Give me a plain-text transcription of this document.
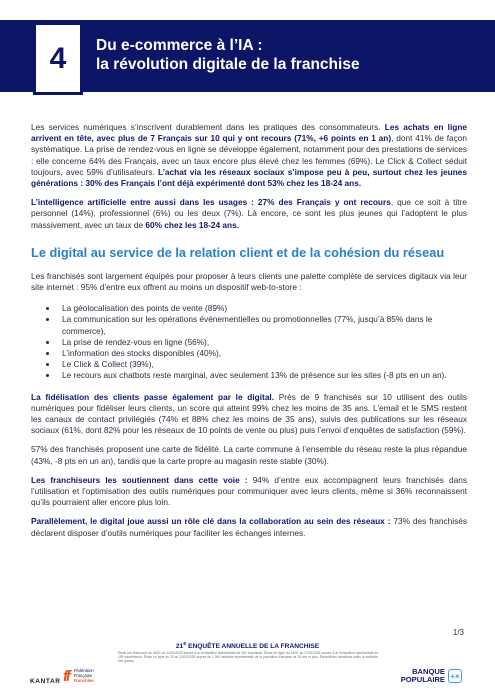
4 Du e-commerce à l’IA :
la révolution digitale de la franchise

Les services numériques s’inscrivent durablement dans les pratiques des consommateurs. Les achats en ligne arrivent en tête, avec plus de 7 Français sur 10 qui y ont recours (71%, +6 points en 1 an), dont 41% de façon systématique. La prise de rendez-vous en ligne se développe également, notamment pour des prestations de services : elle concerne 64% des Français, avec un taux encore plus élevé chez les femmes (69%). Le Click & Collect séduit toujours, avec 59% d’utilisateurs. L’achat via les réseaux sociaux s’impose peu à peu, surtout chez les jeunes générations : 30% des Français l’ont déjà expérimenté dont 53% chez les 18-24 ans.

L’intelligence artificielle entre aussi dans les usages : 27% des Français y ont recours, que ce soit à titre personnel (14%), professionnel (6%) ou les deux (7%). Là encore, ce sont les plus jeunes qui l’adoptent le plus massivement, avec un taux de 60% chez les 18-24 ans.

Le digital au service de la relation client et de la cohésion du réseau

Les franchisés sont largement équipés pour proposer à leurs clients une palette complète de services digitaux via leur site internet : 95% d’entre eux offrent au moins un dispositif web-to-store :

La géolocalisation des points de vente (89%)
La communication sur les opérations événementielles ou promotionnelles (77%, jusqu’à 85% dans le commerce),
La prise de rendez-vous en ligne (56%),
L’information des stocks disponibles (40%),
Le Click & Collect (39%),
Le recours aux chatbots reste marginal, avec seulement 13% de présence sur les sites (-8 pts en un an).

La fidélisation des clients passe également par le digital. Près de 9 franchisés sur 10 utilisent des outils numériques pour fidéliser leurs clients, un score qui atteint 99% chez les moins de 35 ans. L’email et le SMS restent les canaux de contact privilégiés (74% et 88% chez les moins de 35 ans), suivis des publications sur les réseaux sociaux (61%, dont 82% pour les réseaux de 10 points de vente ou plus) puis l’envoi d’enquêtes de satisfaction (59%).

57% des franchisés proposent une carte de fidélité. La carte commune à l’ensemble du réseau reste la plus répandue (43%, -8 pts en un an), tandis que la carte propre au magasin reste stable (30%).

Les franchiseurs les soutiennent dans cette voie : 94% d’entre eux accompagnent leurs franchisés dans l’utilisation et l’optimisation des outils numériques pour communiquer avec leurs clients, même si 36% reconnaissent qu’ils pourraient aller encore plus loin.

Parallèlement, le digital joue aussi un rôle clé dans la collaboration au sein des réseaux : 73% des franchisés déclarent disposer d’outils numériques pour faciliter les échanges internes.

1/3
21e ENQUÊTE ANNUELLE DE LA FRANCHISE
Étude par téléphone du 06/01 au 14/01/2025 auprès d’un échantillon représentatif de 401 franchisés. Étude en ligne du 14/01 au 27/01/2025 auprès d’un échantillon représentatif de 149 franchiseurs. Étude en ligne du 20 au 23/01/2025 auprès de 1 000 individus représentatifs de la population française de 18 ans et plus. Échantillons constitués selon la méthode des quotas.
KANTAR ff Fédération
Française
Franchise
BANQUE
POPULAIRE +×
